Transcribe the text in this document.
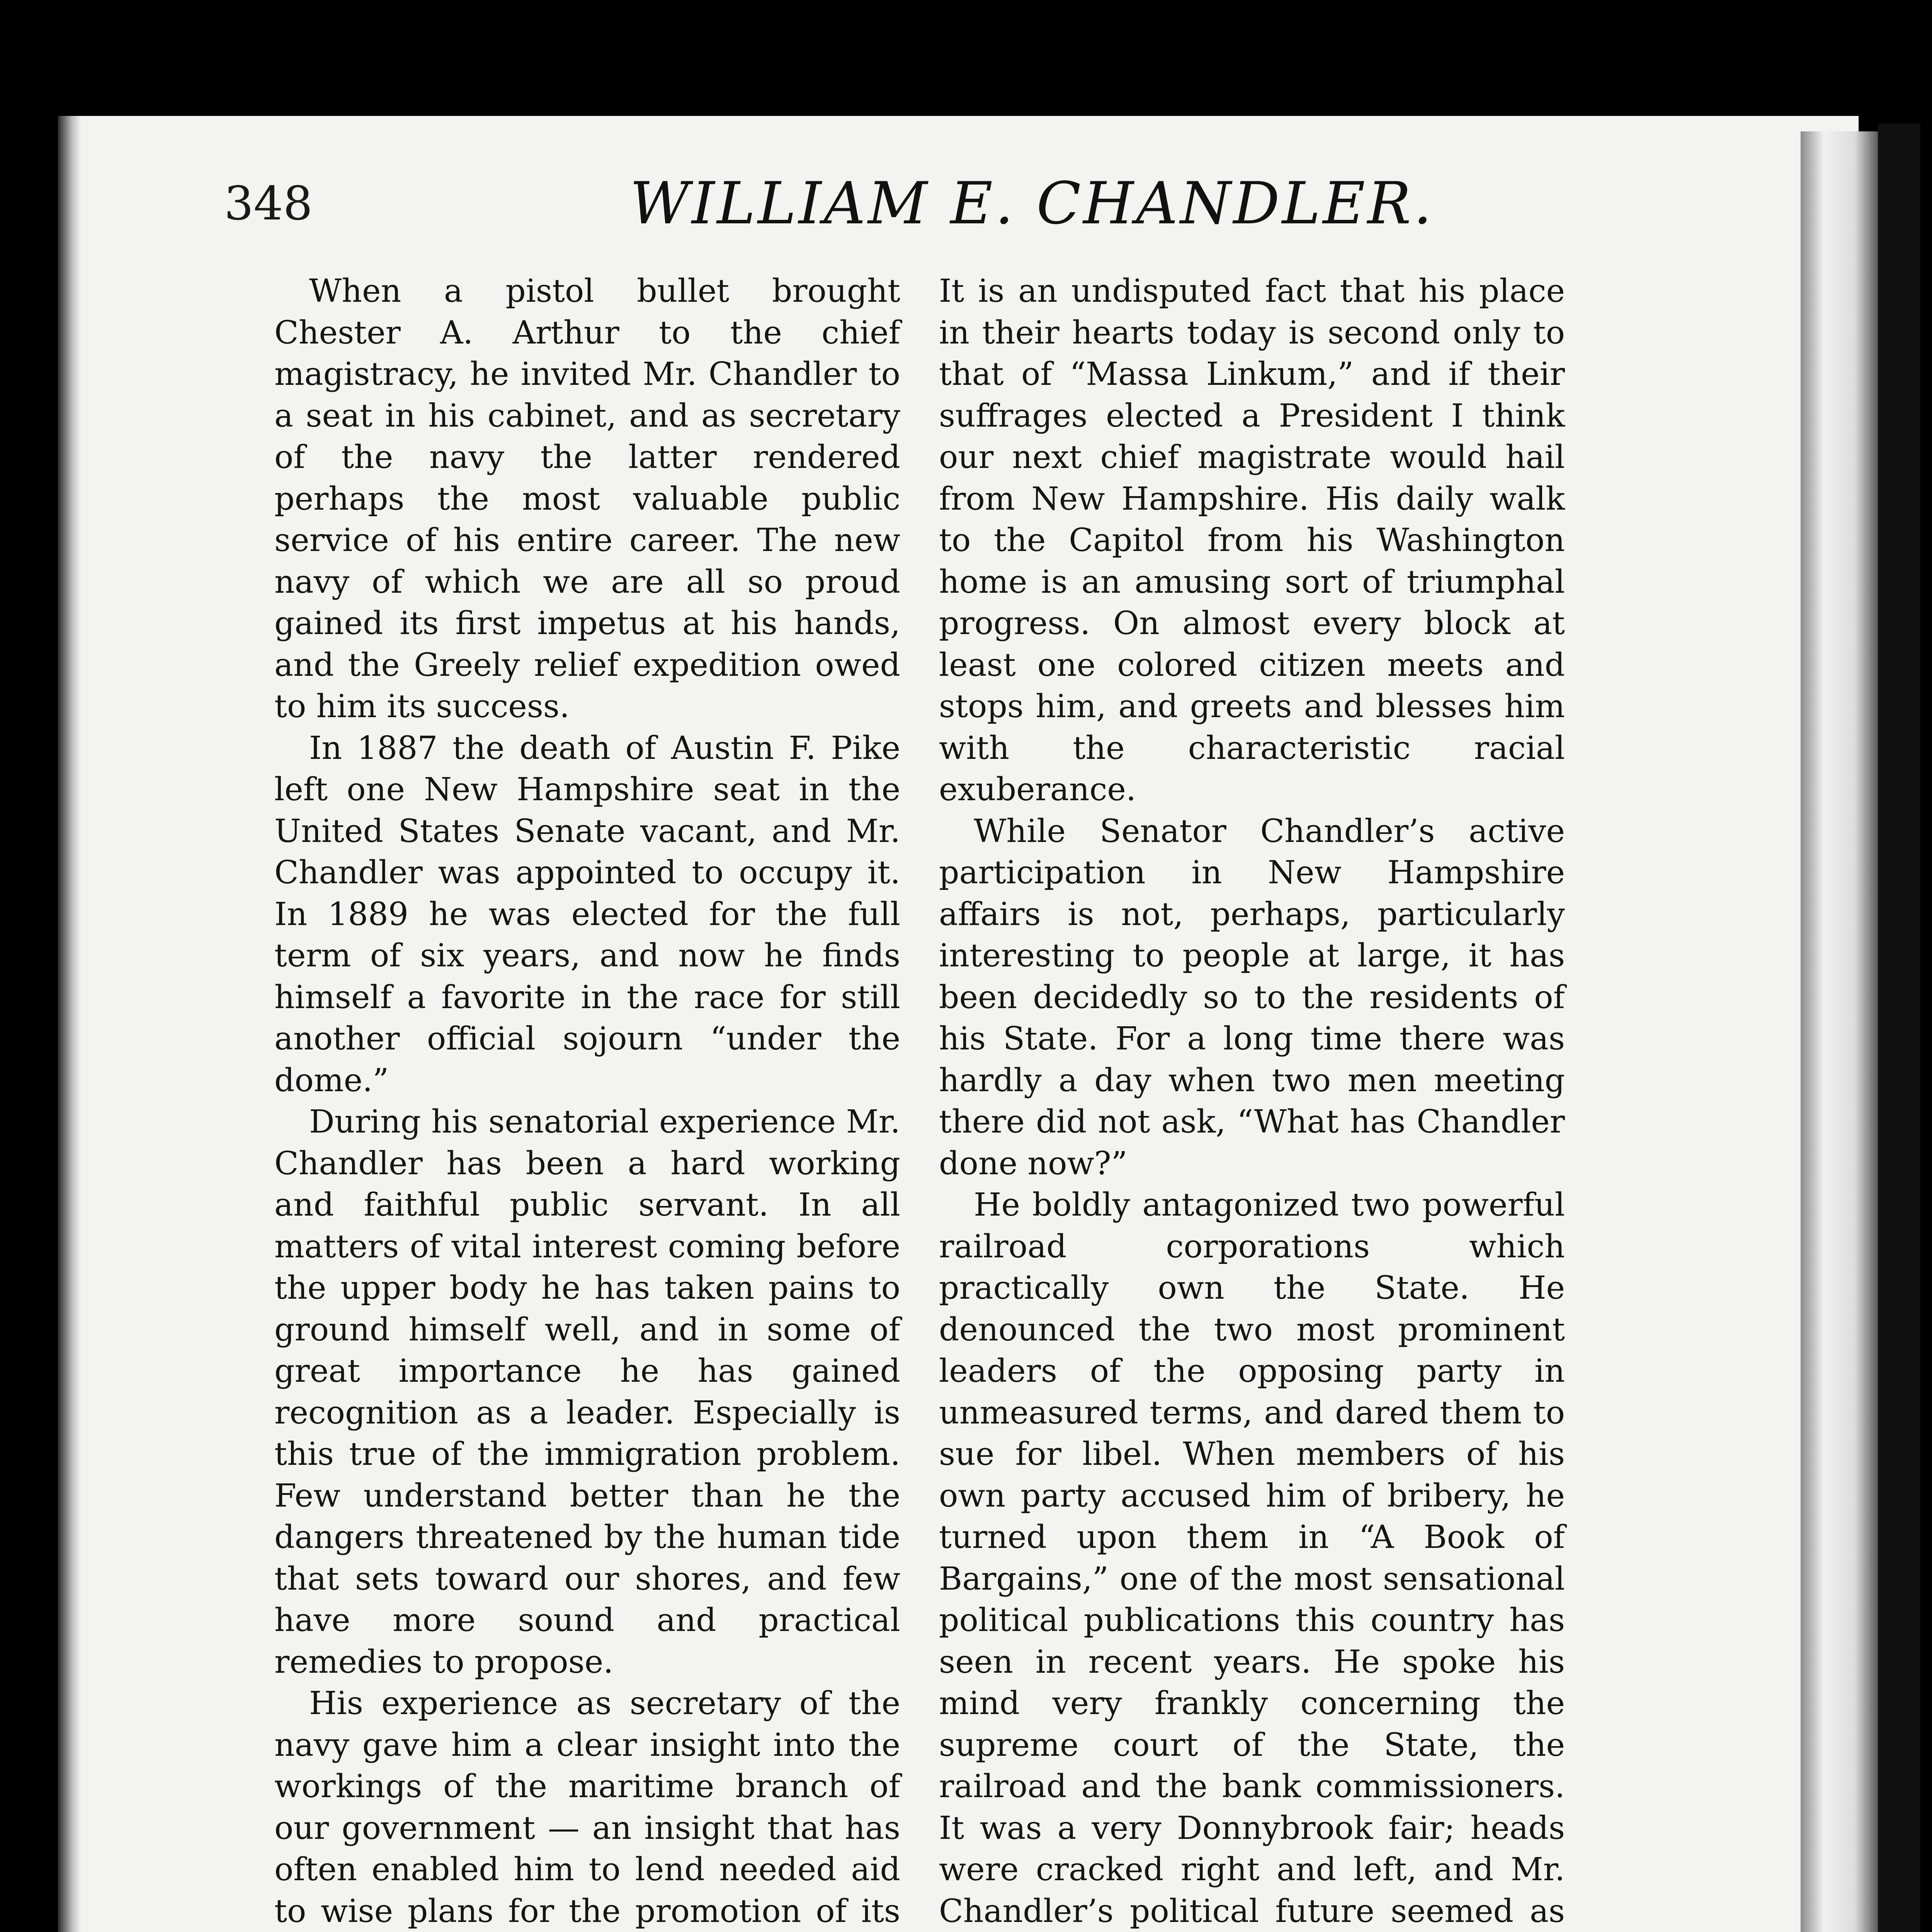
348	WILLIAM E. CHANDLER.

When a pistol bullet brought Chester A. Arthur to the chief magistracy, he invited Mr. Chandler to a seat in his cabinet, and as secretary of the navy the latter rendered perhaps the most valuable public service of his entire career. The new navy of which we are all so proud gained its first impetus at his hands, and the Greely relief expedition owed to him its success.

In 1887 the death of Austin F. Pike left one New Hampshire seat in the United States Senate vacant, and Mr. Chandler was appointed to occupy it. In 1889 he was elected for the full term of six years, and now he finds himself a favorite in the race for still another official sojourn “under the dome.”

During his senatorial experience Mr. Chandler has been a hard working and faithful public servant. In all matters of vital interest coming before the upper body he has taken pains to ground himself well, and in some of great importance he has gained recognition as a leader. Especially is this true of the immigration problem. Few understand better than he the dangers threatened by the human tide that sets toward our shores, and few have more sound and practical remedies to propose.

His experience as secretary of the navy gave him a clear insight into the workings of the maritime branch of our government — an insight that has often enabled him to lend needed aid to wise plans for the promotion of its

It is an undisputed fact that his place in their hearts today is second only to that of “Massa Linkum,” and if their suffrages elected a President I think our next chief magistrate would hail from New Hampshire. His daily walk to the Capitol from his Washington home is an amusing sort of triumphal progress. On almost every block at least one colored citizen meets and stops him, and greets and blesses him with the characteristic racial exuberance.

While Senator Chandler’s active participation in New Hampshire affairs is not, perhaps, particularly interesting to people at large, it has been decidedly so to the residents of his State. For a long time there was hardly a day when two men meeting there did not ask, “What has Chandler done now?”

He boldly antagonized two powerful railroad corporations which practically own the State. He denounced the two most prominent leaders of the opposing party in unmeasured terms, and dared them to sue for libel. When members of his own party accused him of bribery, he turned upon them in “A Book of Bargains,” one of the most sensational political publications this country has seen in recent years. He spoke his mind very frankly concerning the supreme court of the State, the railroad and the bank commissioners. It was a very Donnybrook fair; heads were cracked right and left, and Mr. Chandler’s political future seemed as
